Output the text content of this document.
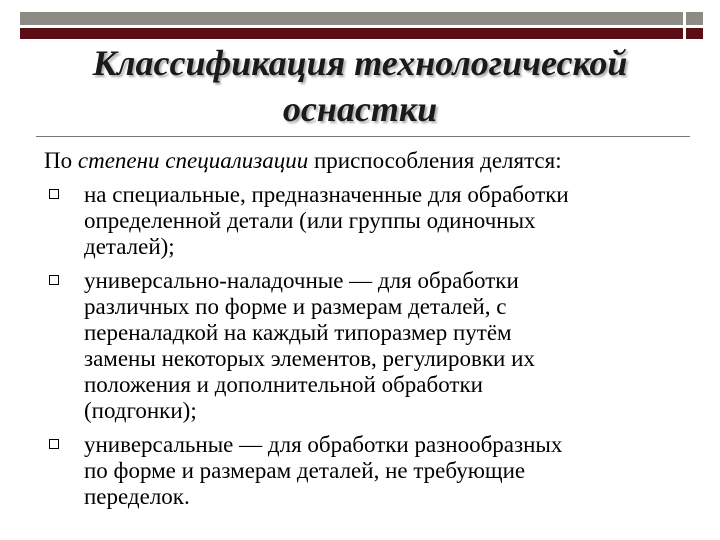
Классификация технологической
оснастки
По степени специализации приспособления делятся:
на специальные, предназначенные для обработки
определенной детали (или группы одиночных
деталей);
универсально-наладочные — для обработки
различных по форме и размерам деталей, с
переналадкой на каждый типоразмер путём
замены некоторых элементов, регулировки их
положения и дополнительной обработки
(подгонки);
универсальные — для обработки разнообразных
по форме и размерам деталей, не требующие
переделок.
